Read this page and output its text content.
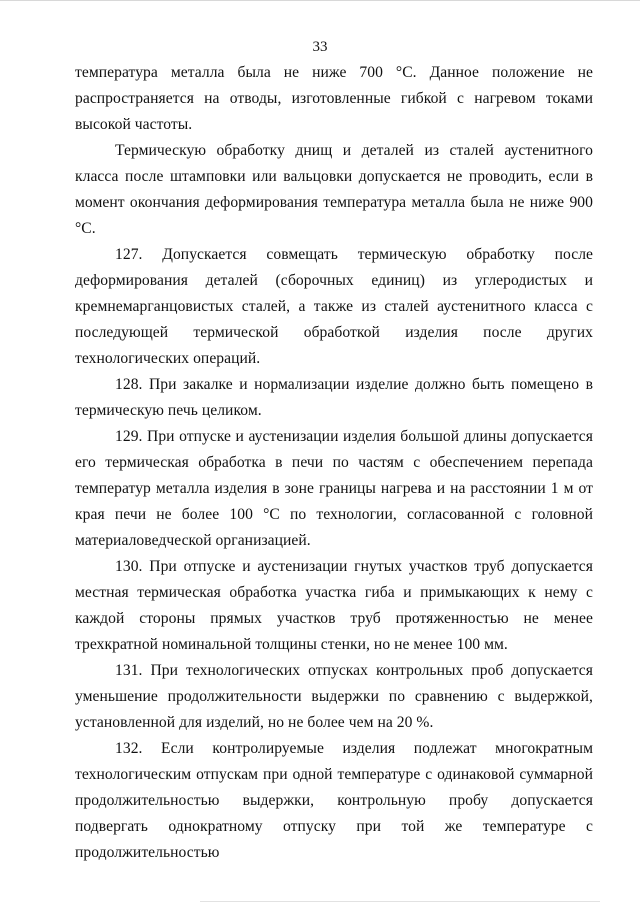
33

температура металла была не ниже 700 °С. Данное положение не распространяется на отводы, изготовленные гибкой с нагревом токами высокой частоты.

Термическую обработку днищ и деталей из сталей аустенитного класса после штамповки или вальцовки допускается не проводить, если в момент окончания деформирования температура металла была не ниже 900 °С.

127. Допускается совмещать термическую обработку после деформирования деталей (сборочных единиц) из углеродистых и кремнемарганцовистых сталей, а также из сталей аустенитного класса с последующей термической обработкой изделия после других технологических операций.

128. При закалке и нормализации изделие должно быть помещено в термическую печь целиком.

129. При отпуске и аустенизации изделия большой длины допускается его термическая обработка в печи по частям с обеспечением перепада температур металла изделия в зоне границы нагрева и на расстоянии 1 м от края печи не более 100 °С по технологии, согласованной с головной материаловедческой организацией.

130. При отпуске и аустенизации гнутых участков труб допускается местная термическая обработка участка гиба и примыкающих к нему с каждой стороны прямых участков труб протяженностью не менее трехкратной номинальной толщины стенки, но не менее 100 мм.

131. При технологических отпусках контрольных проб допускается уменьшение продолжительности выдержки по сравнению с выдержкой, установленной для изделий, но не более чем на 20 %.

132. Если контролируемые изделия подлежат многократным технологическим отпускам при одной температуре с одинаковой суммарной продолжительностью выдержки, контрольную пробу допускается подвергать однократному отпуску при той же температуре с продолжительностью
